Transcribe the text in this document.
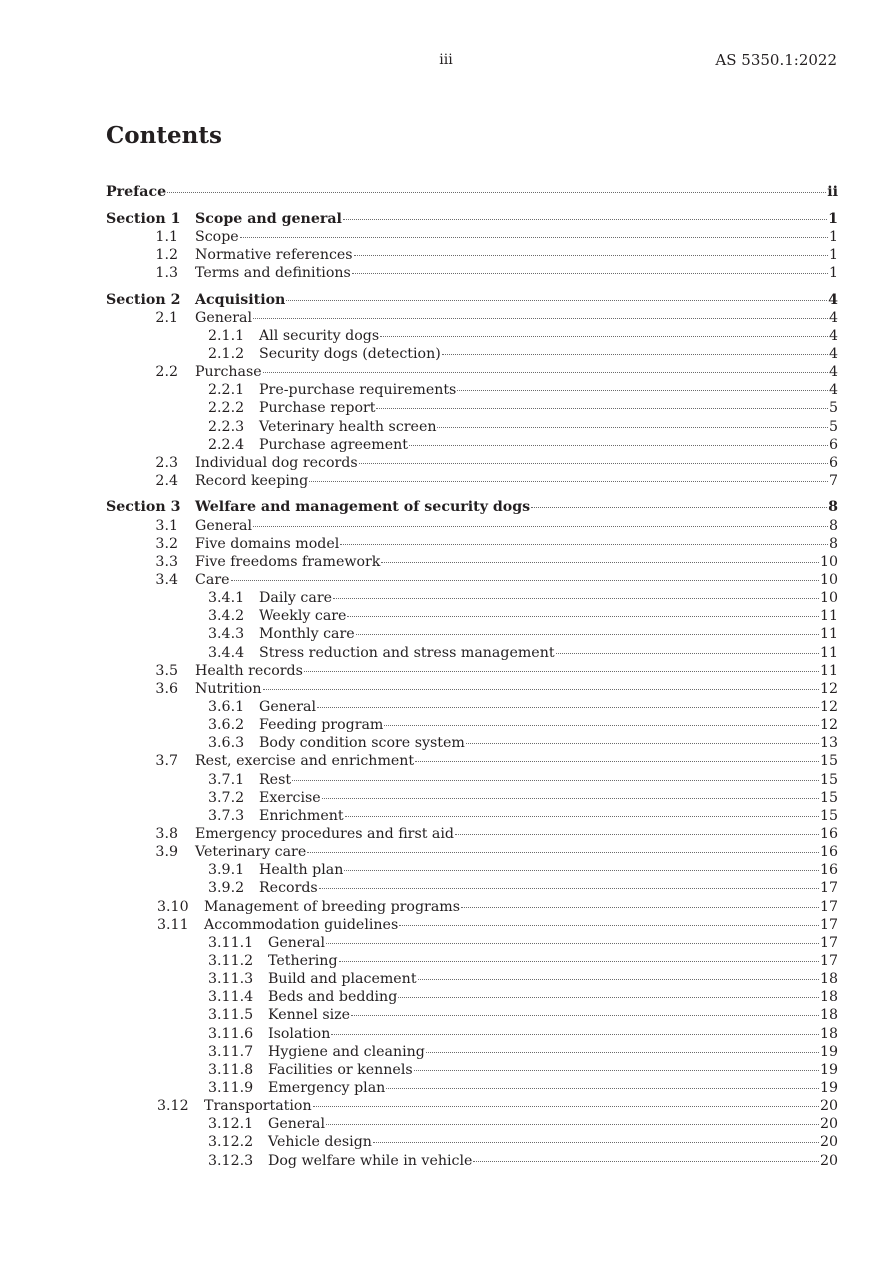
iii	AS 5350.1:2022
Contents
Preface	ii
Section 1	Scope and general	1
1.1 Scope	1
1.2 Normative references	1
1.3 Terms and definitions	1
Section 2	Acquisition	4
2.1 General	4
2.1.1	All security dogs	4
2.1.2	Security dogs (detection)	4
2.2 Purchase	4
2.2.1	Pre-purchase requirements	4
2.2.2	Purchase report	5
2.2.3	Veterinary health screen	5
2.2.4	Purchase agreement	6
2.3 Individual dog records	6
2.4 Record keeping	7
Section 3	Welfare and management of security dogs	8
3.1 General	8
3.2 Five domains model	8
3.3 Five freedoms framework	10
3.4 Care	10
3.4.1	Daily care	10
3.4.2	Weekly care	11
3.4.3	Monthly care	11
3.4.4	Stress reduction and stress management	11
3.5 Health records	11
3.6 Nutrition	12
3.6.1	General	12
3.6.2	Feeding program	12
3.6.3	Body condition score system	13
3.7 Rest, exercise and enrichment	15
3.7.1	Rest	15
3.7.2	Exercise	15
3.7.3	Enrichment	15
3.8 Emergency procedures and first aid	16
3.9 Veterinary care	16
3.9.1	Health plan	16
3.9.2	Records	17
3.10 Management of breeding programs	17
3.11 Accommodation guidelines	17
3.11.1	General	17
3.11.2	Tethering	17
3.11.3	Build and placement	18
3.11.4	Beds and bedding	18
3.11.5	Kennel size	18
3.11.6	Isolation	18
3.11.7	Hygiene and cleaning	19
3.11.8	Facilities or kennels	19
3.11.9	Emergency plan	19
3.12 Transportation	20
3.12.1	General	20
3.12.2	Vehicle design	20
3.12.3	Dog welfare while in vehicle	20
